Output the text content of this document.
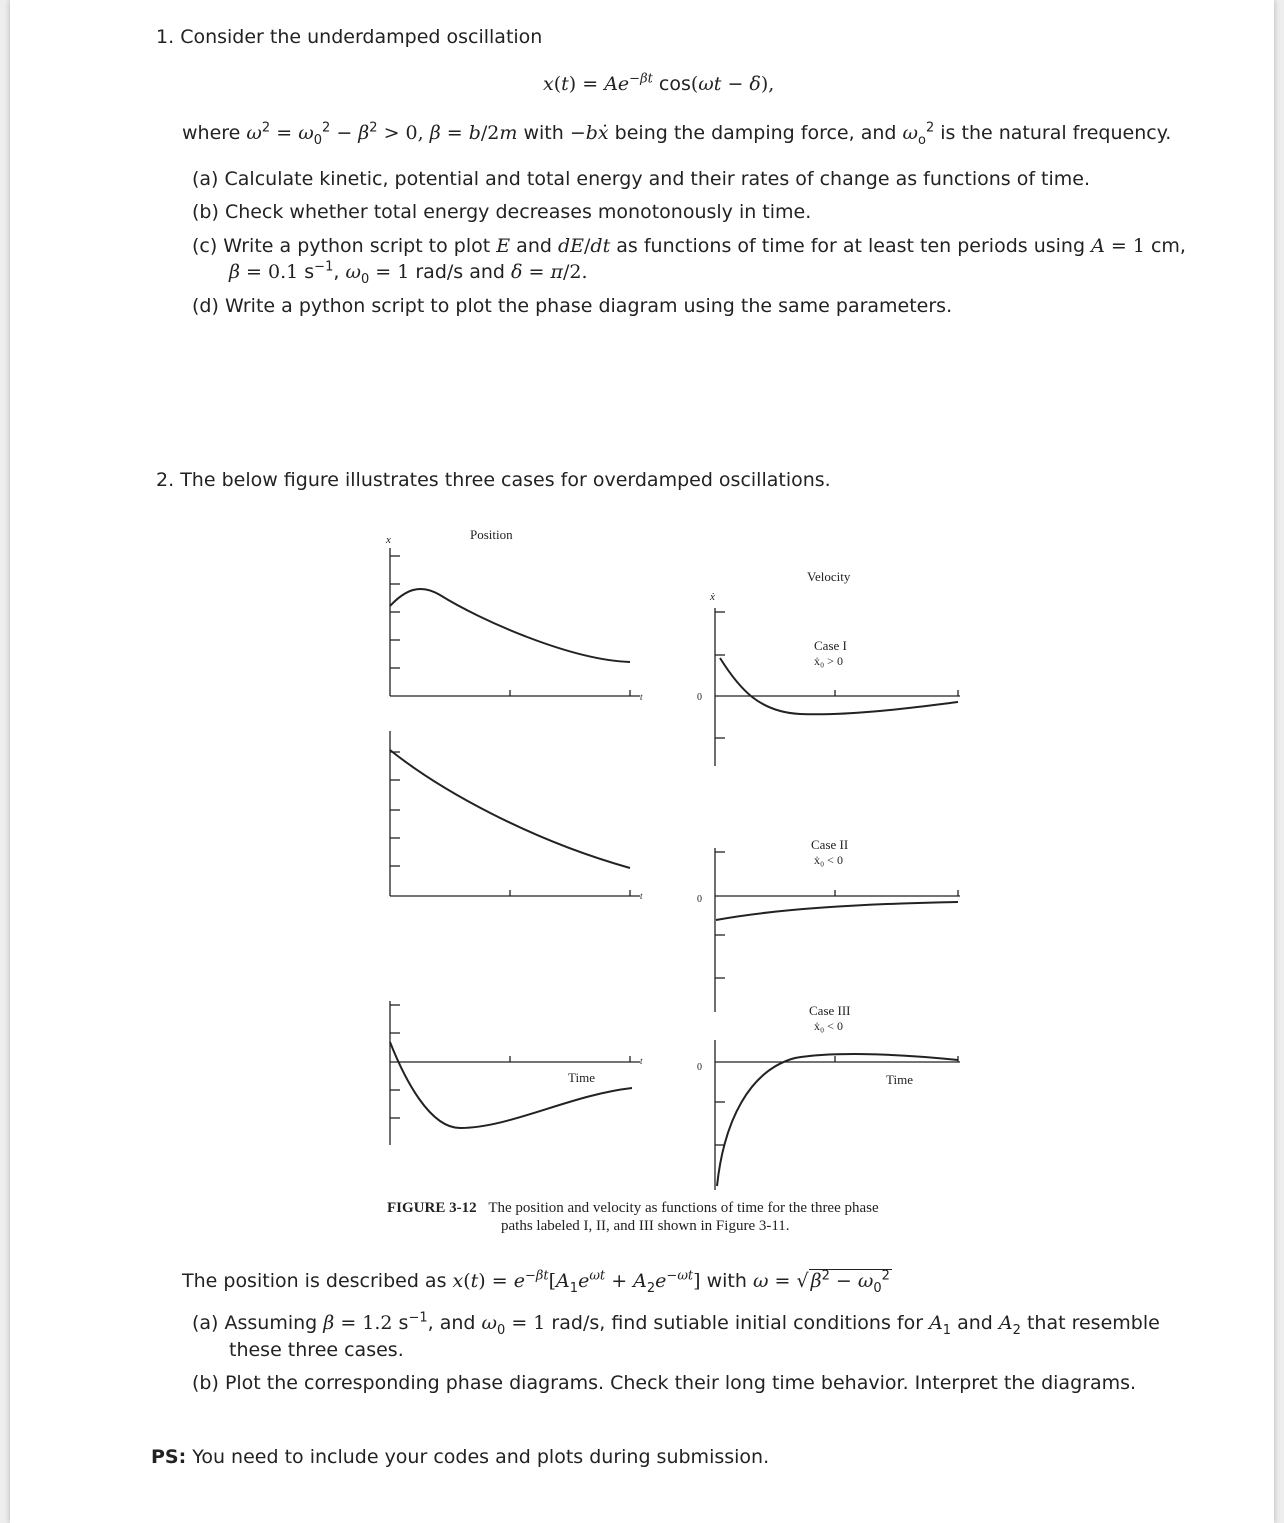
1. Consider the underdamped oscillation
$x(t) = Ae^{-\beta t}$ cos(ωt − δ),
where $\omega^2 = \omega_0^2 - \beta^2 > 0$, β = b/2m with −bẋ being the damping force, and $\omega_o^2$ is the natural frequency.
(a) Calculate kinetic, potential and total energy and their rates of change as functions of time.
(b) Check whether total energy decreases monotonously in time.
(c) Write a python script to plot E and dE/dt as functions of time for at least ten periods using A = 1 cm,
β = 0.1 $s^{-1}$, $\omega_0 = 1$ rad/s and δ = π/2.
(d) Write a python script to plot the phase diagram using the same parameters.
2. The below figure illustrates three cases for overdamped oscillations.
Position
x
t
t
t
Time
Velocity
ẋ
0
Case I
ẋ₀ > 0
0
Case II
ẋ₀ < 0
0
Case III
ẋ₀ < 0
Time
FIGURE 3-12 The position and velocity as functions of time for the three phase
paths labeled I, II, and III shown in Figure 3-11.
The position is described as $x(t) = e^{-\beta t}[A_1e^{\omega t} + A_2e^{-\omega t}]$ with ω = √ $\beta^2 - \omega_0^2$
(a) Assuming β = 1.2 $s^{-1}$, and $\omega_0 = 1$ rad/s, find sutiable initial conditions for $A_1$ and $A_2$ that resemble
these three cases.
(b) Plot the corresponding phase diagrams. Check their long time behavior. Interpret the diagrams.
PS: You need to include your codes and plots during submission.
